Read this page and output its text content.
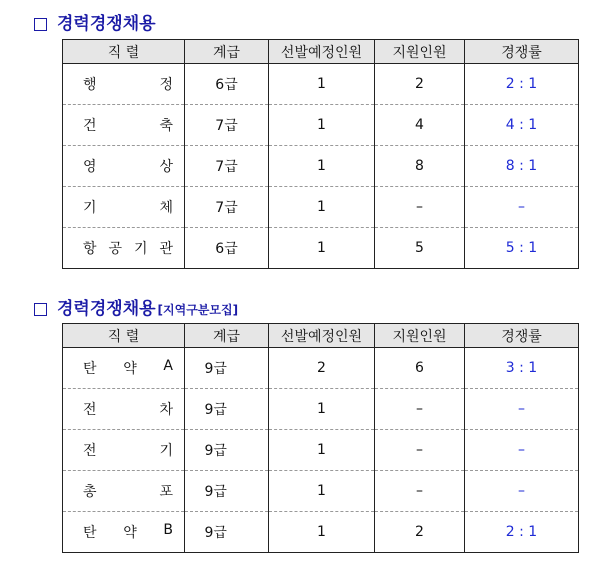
경력경쟁채용
직 렬	계급	선발예정인원	지원인원	경쟁률

행 정	6급	1	2	2 : 1

건 축	7급	1	4	4 : 1

영 상	7급	1	8	8 : 1

기 체	7급	1	–	–

항 공 기 관	6급	1	5	5 : 1
경력경쟁채용 [지역구분모집]
직 렬	계급	선발예정인원	지원인원	경쟁률

탄 약 A	9급	2	6	3 : 1

전 차	9급	1	–	–

전 기	9급	1	–	–

총 포	9급	1	–	–

탄 약 B	9급	1	2	2 : 1
